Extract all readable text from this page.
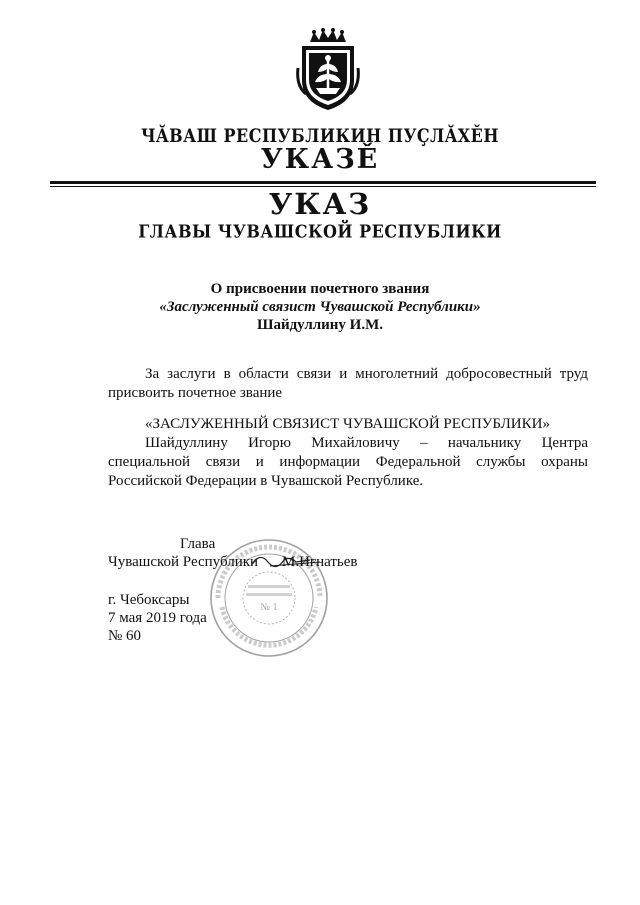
ЧĂВАШ РЕСПУБЛИКИН ПУÇЛĂХĚН
УКАЗĚ
УКАЗ
ГЛАВЫ ЧУВАШСКОЙ РЕСПУБЛИКИ
О присвоении почетного звания
«Заслуженный связист Чувашской Республики»
Шайдуллину И.М.
За заслуги в области связи и многолетний добросовестный труд присвоить почетное звание
«ЗАСЛУЖЕННЫЙ СВЯЗИСТ ЧУВАШСКОЙ РЕСПУБЛИКИ»
Шайдуллину Игорю Михайловичу – начальнику Центра специальной связи и информации Федеральной службы охраны Российской Федерации в Чувашской Республике.
№ 1
Глава
Чувашской Республики М.Игнатьев
г. Чебоксары
7 мая 2019 года
№ 60
